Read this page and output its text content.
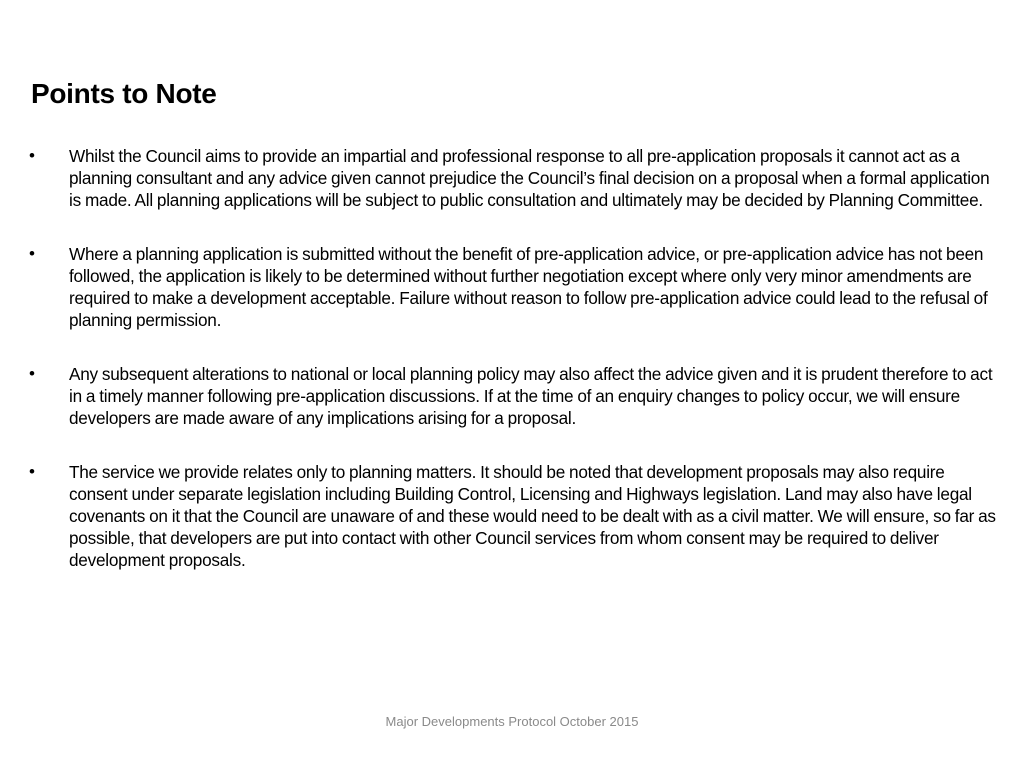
Points to Note
• Whilst the Council aims to provide an impartial and professional response to all pre-application proposals it cannot act as a planning consultant and any advice given cannot prejudice the Council’s final decision on a proposal when a formal application is made. All planning applications will be subject to public consultation and ultimately may be decided by Planning Committee.
• Where a planning application is submitted without the benefit of pre-application advice, or pre-application advice has not been followed, the application is likely to be determined without further negotiation except where only very minor amendments are required to make a development acceptable. Failure without reason to follow pre-application advice could lead to the refusal of planning permission.
• Any subsequent alterations to national or local planning policy may also affect the advice given and it is prudent therefore to act in a timely manner following pre-application discussions. If at the time of an enquiry changes to policy occur, we will ensure developers are made aware of any implications arising for a proposal.
• The service we provide relates only to planning matters. It should be noted that development proposals may also require consent under separate legislation including Building Control, Licensing and Highways legislation. Land may also have legal covenants on it that the Council are unaware of and these would need to be dealt with as a civil matter. We will ensure, so far as possible, that developers are put into contact with other Council services from whom consent may be required to deliver development proposals.
Major Developments Protocol October 2015
